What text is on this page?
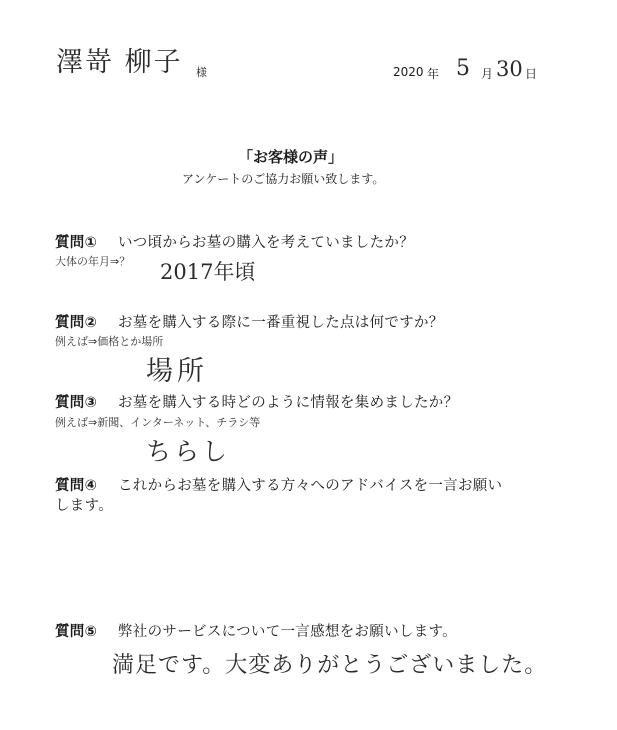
澤嵜 柳子 様	2020 年 5 月 30 日
「お客様の声」
アンケートのご協力お願い致します。
質問① いつ頃からお墓の購入を考えていましたか？
大体の年月⇒？ 2017年頃
質問② お墓を購入する際に一番重視した点は何ですか？
例えば⇒価格とか場所
場所
質問③ お墓を購入する時どのように情報を集めましたか？
例えば⇒新聞、インターネット、チラシ等
ちらし
質問④ これからお墓を購入する方々へのアドバイスを一言お願い
します。
質問⑤ 弊社のサービスについて一言感想をお願いします。
満足です。大変ありがとうございました。
